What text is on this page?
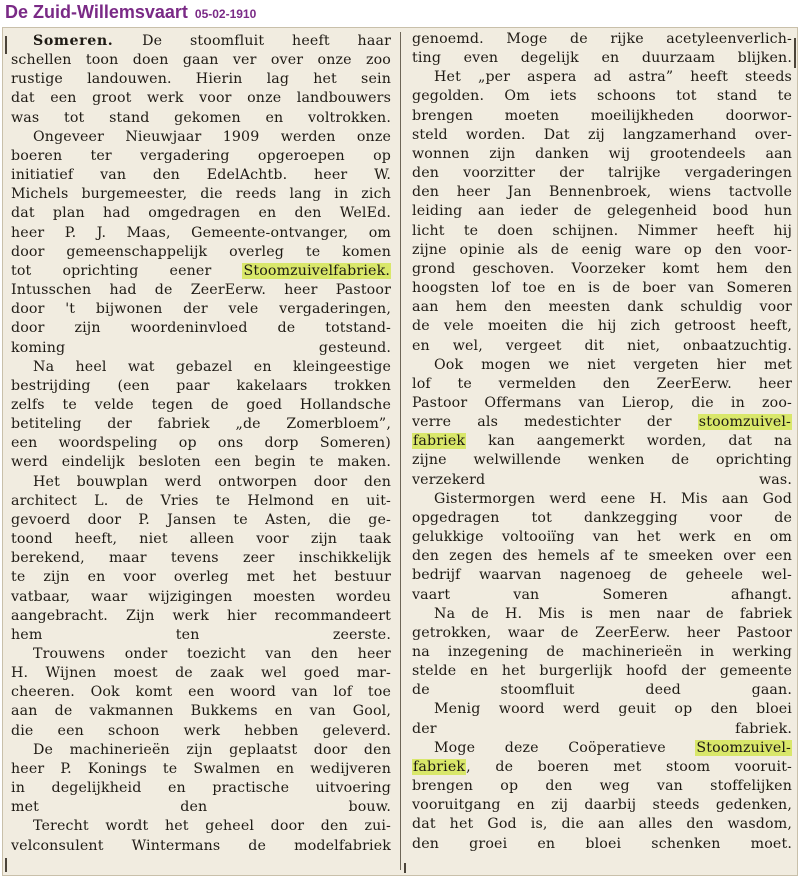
De Zuid-Willemsvaart 05-02-1910

Someren. De stoomfluit heeft haar
schellen toon doen gaan ver over onze zoo
rustige landouwen. Hierin lag het sein
dat een groot werk voor onze landbouwers
was tot stand gekomen en voltrokken.

Ongeveer Nieuwjaar 1909 werden onze
boeren ter vergadering opgeroepen op
initiatief van den EdelAchtb. heer W.
Michels burgemeester, die reeds lang in zich
dat plan had omgedragen en den WelEd.
heer P. J. Maas, Gemeente-ontvanger, om
door gemeenschappelijk overleg te komen
tot oprichting eener Stoomzuivelfabriek.
Intusschen had de ZeerEerw. heer Pastoor
door 't bijwonen der vele vergaderingen,
door zijn woordeninvloed de totstand-
koming gesteund.

Na heel wat gebazel en kleingeestige
bestrijding (een paar kakelaars trokken
zelfs te velde tegen de goed Hollandsche
betiteling der fabriek „de Zomerbloem”,
een woordspeling op ons dorp Someren)
werd eindelijk besloten een begin te maken.

Het bouwplan werd ontworpen door den
architect L. de Vries te Helmond en uit-
gevoerd door P. Jansen te Asten, die ge-
toond heeft, niet alleen voor zijn taak
berekend, maar tevens zeer inschikkelijk
te zijn en voor overleg met het bestuur
vatbaar, waar wijzigingen moesten wordeu
aangebracht. Zijn werk hier recommandeert
hem ten zeerste.

Trouwens onder toezicht van den heer
H. Wijnen moest de zaak wel goed mar-
cheeren. Ook komt een woord van lof toe
aan de vakmannen Bukkems en van Gool,
die een schoon werk hebben geleverd.

De machinerieën zijn geplaatst door den
heer P. Konings te Swalmen en wedijveren
in degelijkheid en practische uitvoering
met den bouw.

Terecht wordt het geheel door den zui-
velconsulent Wintermans de modelfabriek

genoemd. Moge de rijke acetyleenverlich-
ting even degelijk en duurzaam blijken.

Het „per aspera ad astra” heeft steeds
gegolden. Om iets schoons tot stand te
brengen moeten moeilijkheden doorwor-
steld worden. Dat zij langzamerhand over-
wonnen zijn danken wij grootendeels aan
den voorzitter der talrijke vergaderingen
den heer Jan Bennenbroek, wiens tactvolle
leiding aan ieder de gelegenheid bood hun
licht te doen schijnen. Nimmer heeft hij
zijne opinie als de eenig ware op den voor-
grond geschoven. Voorzeker komt hem den
hoogsten lof toe en is de boer van Someren
aan hem den meesten dank schuldig voor
de vele moeiten die hij zich getroost heeft,
en wel, vergeet dit niet, onbaatzuchtig.

Ook mogen we niet vergeten hier met
lof te vermelden den ZeerEerw. heer
Pastoor Offermans van Lierop, die in zoo-
verre als medestichter der stoomzuivel-
fabriek kan aangemerkt worden, dat na
zijne welwillende wenken de oprichting
verzekerd was.

Gistermorgen werd eene H. Mis aan God
opgedragen tot dankzegging voor de
gelukkige voltooiïng van het werk en om
den zegen des hemels af te smeeken over een
bedrijf waarvan nagenoeg de geheele wel-
vaart van Someren afhangt.

Na de H. Mis is men naar de fabriek
getrokken, waar de ZeerEerw. heer Pastoor
na inzegening de machinerieën in werking
stelde en het burgerlijk hoofd der gemeente
de stoomfluit deed gaan.

Menig woord werd geuit op den bloei
der fabriek.

Moge deze Coöperatieve Stoomzuivel-
fabriek, de boeren met stoom vooruit-
brengen op den weg van stoffelijken
vooruitgang en zij daarbij steeds gedenken,
dat het God is, die aan alles den wasdom,
den groei en bloei schenken moet.
